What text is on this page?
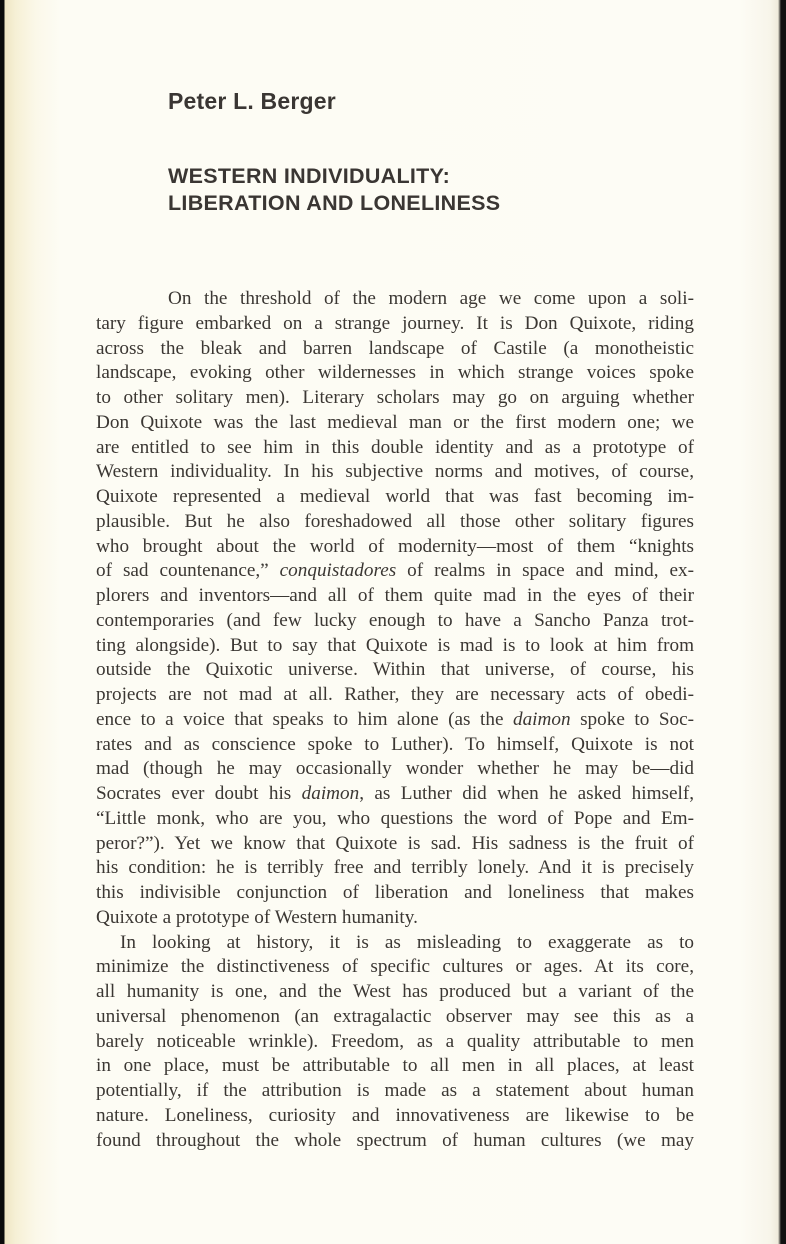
Peter L. Berger
WESTERN INDIVIDUALITY:
LIBERATION AND LONELINESS
On the threshold of the modern age we come upon a soli-
tary figure embarked on a strange journey. It is Don Quixote, riding
across the bleak and barren landscape of Castile (a monotheistic
landscape, evoking other wildernesses in which strange voices spoke
to other solitary men). Literary scholars may go on arguing whether
Don Quixote was the last medieval man or the first modern one; we
are entitled to see him in this double identity and as a prototype of
Western individuality. In his subjective norms and motives, of course,
Quixote represented a medieval world that was fast becoming im-
plausible. But he also foreshadowed all those other solitary figures
who brought about the world of modernity—most of them “knights
of sad countenance,” conquistadores of realms in space and mind, ex-
plorers and inventors—and all of them quite mad in the eyes of their
contemporaries (and few lucky enough to have a Sancho Panza trot-
ting alongside). But to say that Quixote is mad is to look at him from
outside the Quixotic universe. Within that universe, of course, his
projects are not mad at all. Rather, they are necessary acts of obedi-
ence to a voice that speaks to him alone (as the daimon spoke to Soc-
rates and as conscience spoke to Luther). To himself, Quixote is not
mad (though he may occasionally wonder whether he may be—did
Socrates ever doubt his daimon, as Luther did when he asked himself,
“Little monk, who are you, who questions the word of Pope and Em-
peror?”). Yet we know that Quixote is sad. His sadness is the fruit of
his condition: he is terribly free and terribly lonely. And it is precisely
this indivisible conjunction of liberation and loneliness that makes
Quixote a prototype of Western humanity.
In looking at history, it is as misleading to exaggerate as to
minimize the distinctiveness of specific cultures or ages. At its core,
all humanity is one, and the West has produced but a variant of the
universal phenomenon (an extragalactic observer may see this as a
barely noticeable wrinkle). Freedom, as a quality attributable to men
in one place, must be attributable to all men in all places, at least
potentially, if the attribution is made as a statement about human
nature. Loneliness, curiosity and innovativeness are likewise to be
found throughout the whole spectrum of human cultures (we may
